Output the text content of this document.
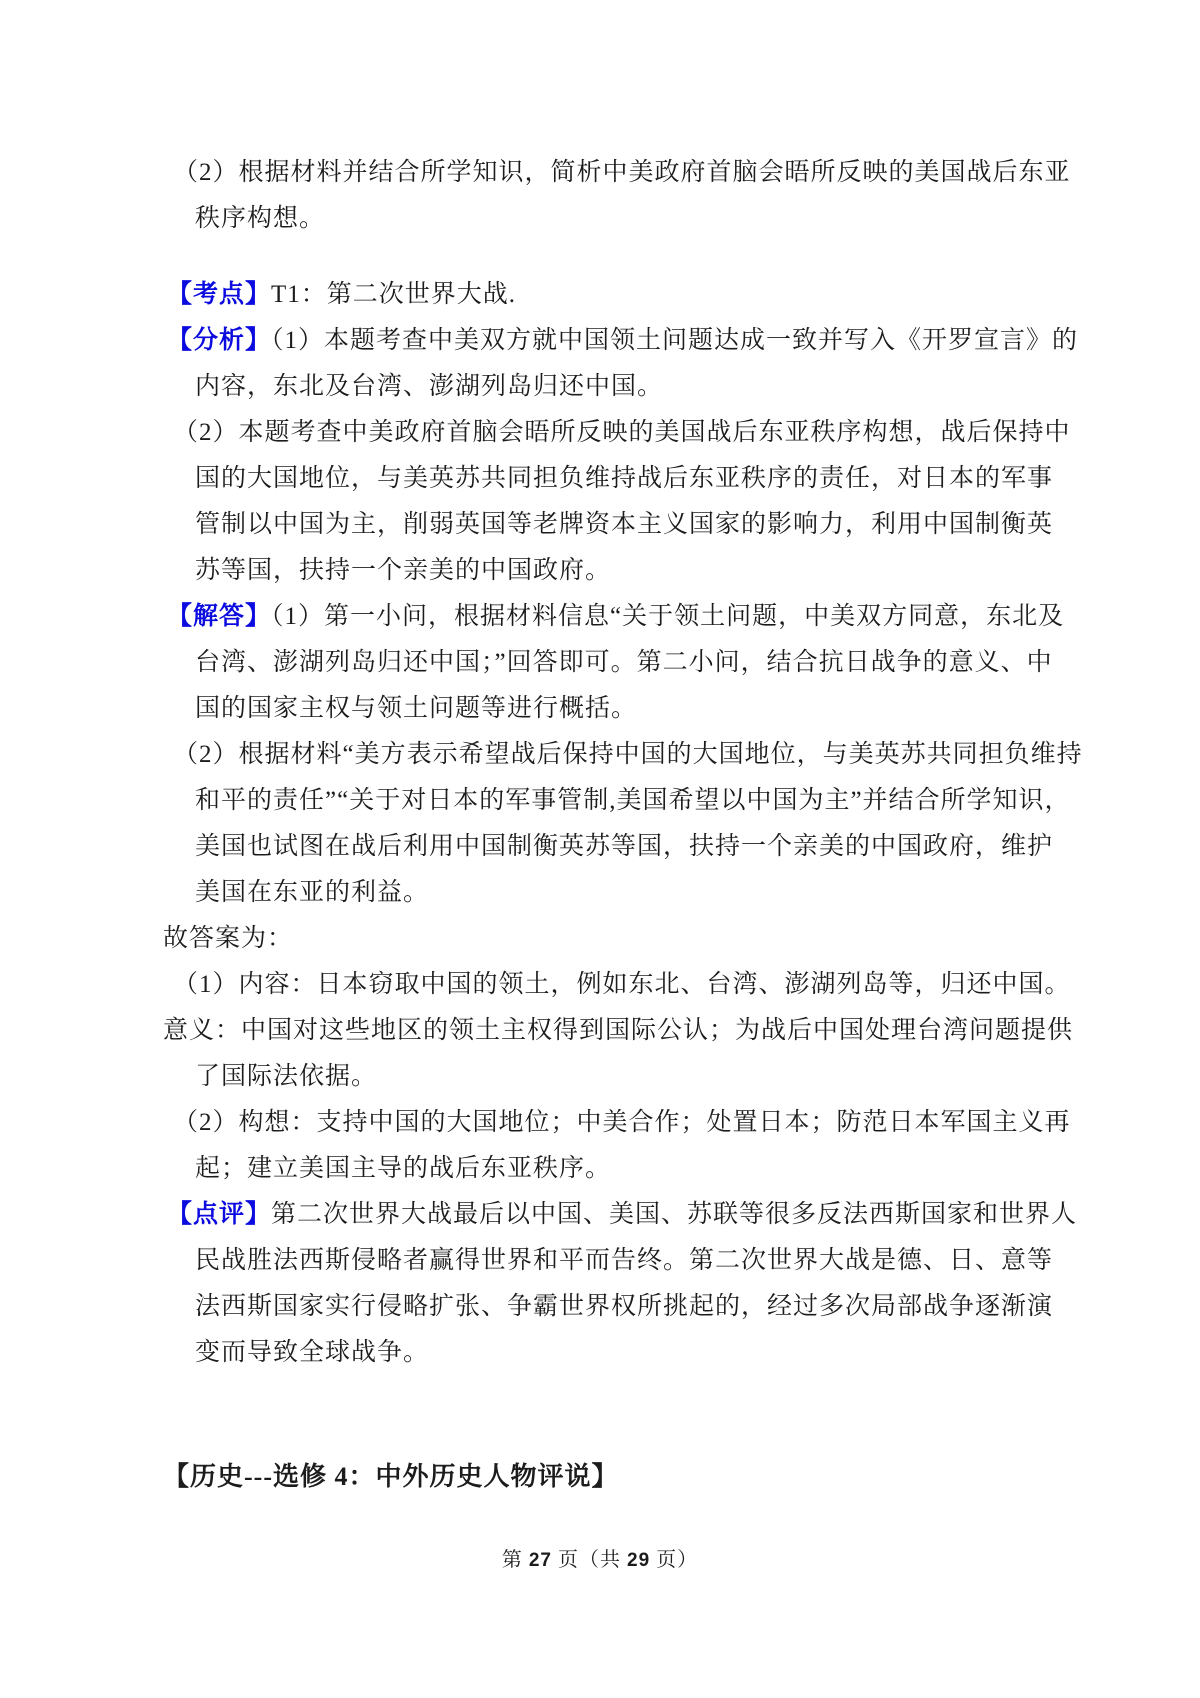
（2）根据材料并结合所学知识，简析中美政府首脑会晤所反映的美国战后东亚
秩序构想。
【考点】T1：第二次世界大战.
【分析】（1）本题考查中美双方就中国领土问题达成一致并写入《开罗宣言》的
内容，东北及台湾、澎湖列岛归还中国。
（2）本题考查中美政府首脑会晤所反映的美国战后东亚秩序构想，战后保持中
国的大国地位，与美英苏共同担负维持战后东亚秩序的责任，对日本的军事
管制以中国为主，削弱英国等老牌资本主义国家的影响力，利用中国制衡英
苏等国，扶持一个亲美的中国政府。
【解答】（1）第一小问，根据材料信息“关于领土问题，中美双方同意，东北及
台湾、澎湖列岛归还中国；”回答即可。第二小问，结合抗日战争的意义、中
国的国家主权与领土问题等进行概括。
（2）根据材料“美方表示希望战后保持中国的大国地位，与美英苏共同担负维持
和平的责任”“关于对日本的军事管制,美国希望以中国为主”并结合所学知识，
美国也试图在战后利用中国制衡英苏等国，扶持一个亲美的中国政府，维护
美国在东亚的利益。
故答案为：
（1）内容：日本窃取中国的领土，例如东北、台湾、澎湖列岛等，归还中国。
意义：中国对这些地区的领土主权得到国际公认；为战后中国处理台湾问题提供
了国际法依据。
（2）构想：支持中国的大国地位；中美合作；处置日本；防范日本军国主义再
起；建立美国主导的战后东亚秩序。
【点评】第二次世界大战最后以中国、美国、苏联等很多反法西斯国家和世界人
民战胜法西斯侵略者赢得世界和平而告终。第二次世界大战是德、日、意等
法西斯国家实行侵略扩张、争霸世界权所挑起的，经过多次局部战争逐渐演
变而导致全球战争。
【历史---选修 4：中外历史人物评说】
第 27 页（共 29 页）
